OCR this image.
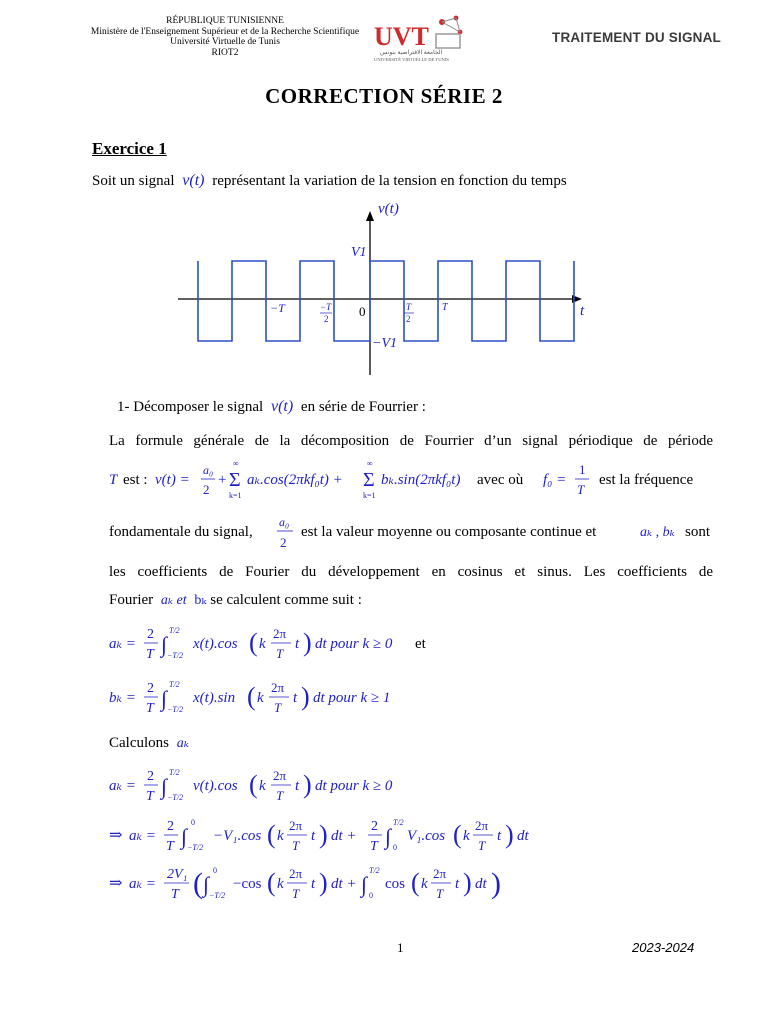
RÉPUBLIQUE TUNISIENNE
Ministère de l'Enseignement Supérieur et de la Recherche Scientifique
Université Virtuelle de Tunis
RIOT2
UVT
الجامعة الافتراضية بتونس
UNIVERSITÉ VIRTUELLE DE TUNIS
TRAITEMENT DU SIGNAL
CORRECTION SÉRIE 2
Exercice 1
Soit un signal v(t) représentant la variation de la tension en fonction du temps
v(t)
t
V1
−V1
−T	−T
2 0	T
2
T
1- Décomposer le signal v(t) en série de Fourrier :
La formule générale de la décomposition de Fourrier d’un signal périodique de période
T est : v(t) =
a₀
2
+
∞
Σ
k=1
aₖ.cos(2πkf₀t) +
∞
Σ
k=1
bₖ.sin(2πkf₀t) avec où f₀ =
1
T
est la fréquence
fondamentale du signal,
a₀
2
est la valeur moyenne ou composante continue et	aₖ , bₖ sont
les coefficients de Fourier du développement en cosinus et sinus. Les coefficients de
Fourier aₖ et bₖ se calculent comme suit :
aₖ =
2
T ∫
T/2
−T/2
x(t).cos ( k
2π
T
t ) dt pour k ≥ 0 et
bₖ =
2
T ∫
T/2
−T/2
x(t).sin ( k
2π
T
t ) dt pour k ≥ 1
Calculons aₖ
aₖ =
2
T ∫
T/2
−T/2
v(t).cos ( k
2π
T
t ) dt pour k ≥ 0
⇒ aₖ =
2
T ∫
0
−T/2
−V₁.cos ( k
2π
T
t ) dt +
2
T ∫
T/2
0
V₁.cos ( k
2π
T
t ) dt
⇒ aₖ =
2V₁
T ( ∫
0
−T/2
−cos ( k
2π
T
t ) dt + ∫
T/2
0
cos ( k
2π
T
t ) dt )
1	2023-2024
